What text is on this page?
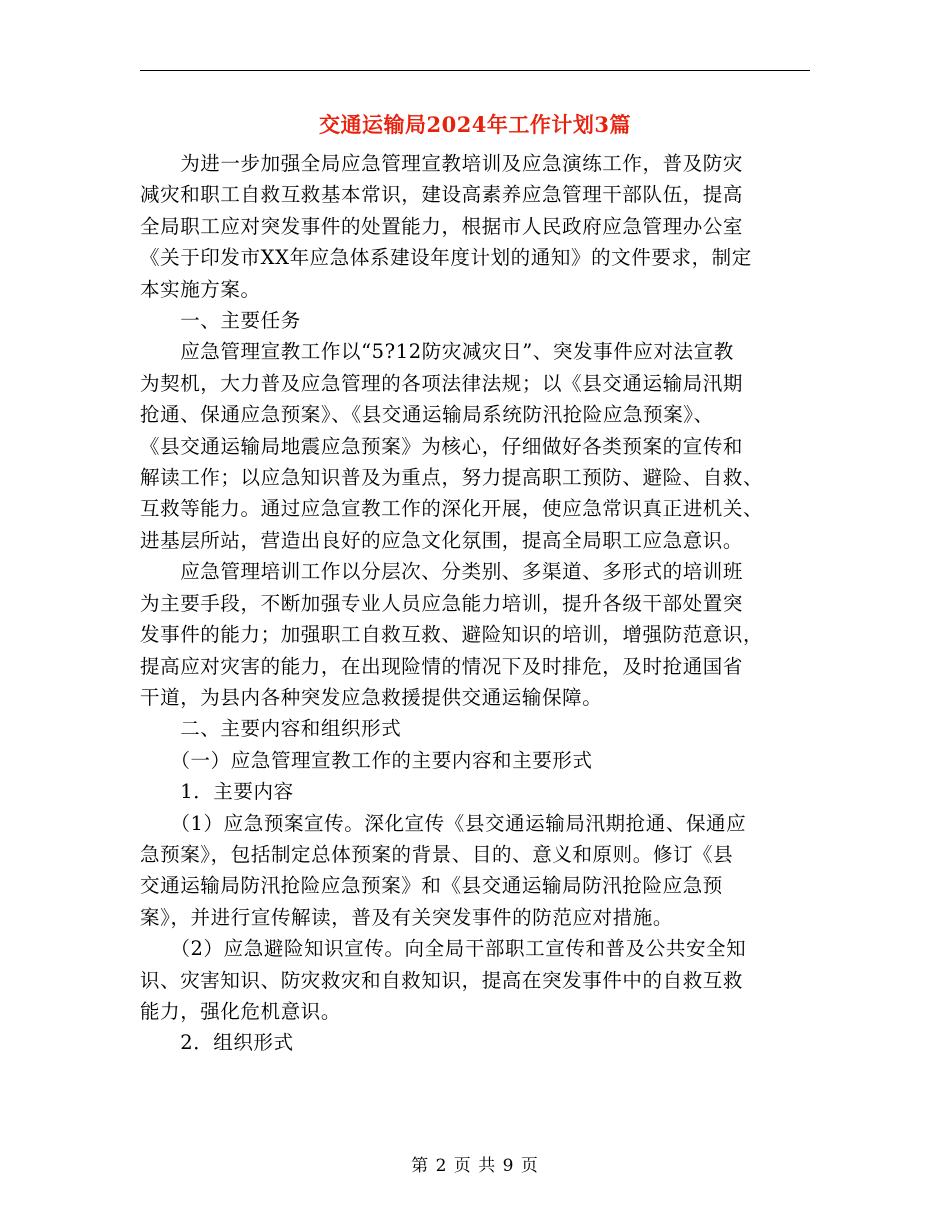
交通运输局2024年工作计划3篇

　　为进一步加强全局应急管理宣教培训及应急演练工作，普及防灾

减灾和职工自救互救基本常识，建设高素养应急管理干部队伍，提高

全局职工应对突发事件的处置能力，根据市人民政府应急管理办公室

《关于印发市XX年应急体系建设年度计划的通知》的文件要求，制定

本实施方案。

　　一、主要任务

　　应急管理宣教工作以“5?12防灾减灾日”、突发事件应对法宣教

为契机，大力普及应急管理的各项法律法规；以《县交通运输局汛期

抢通、保通应急预案》、《县交通运输局系统防汛抢险应急预案》、

《县交通运输局地震应急预案》为核心，仔细做好各类预案的宣传和

解读工作；以应急知识普及为重点，努力提高职工预防、避险、自救、

互救等能力。通过应急宣教工作的深化开展，使应急常识真正进机关、

进基层所站，营造出良好的应急文化氛围，提高全局职工应急意识。

　　应急管理培训工作以分层次、分类别、多渠道、多形式的培训班

为主要手段，不断加强专业人员应急能力培训，提升各级干部处置突

发事件的能力；加强职工自救互救、避险知识的培训，增强防范意识，

提高应对灾害的能力，在出现险情的情况下及时排危，及时抢通国省

干道，为县内各种突发应急救援提供交通运输保障。

　　二、主要内容和组织形式

　　（一）应急管理宣教工作的主要内容和主要形式

　　1．主要内容

　　（1）应急预案宣传。深化宣传《县交通运输局汛期抢通、保通应

急预案》，包括制定总体预案的背景、目的、意义和原则。修订《县

交通运输局防汛抢险应急预案》和《县交通运输局防汛抢险应急预

案》，并进行宣传解读，普及有关突发事件的防范应对措施。

　　（2）应急避险知识宣传。向全局干部职工宣传和普及公共安全知

识、灾害知识、防灾救灾和自救知识，提高在突发事件中的自救互救

能力，强化危机意识。

　　2．组织形式

第 2 页 共 9 页
